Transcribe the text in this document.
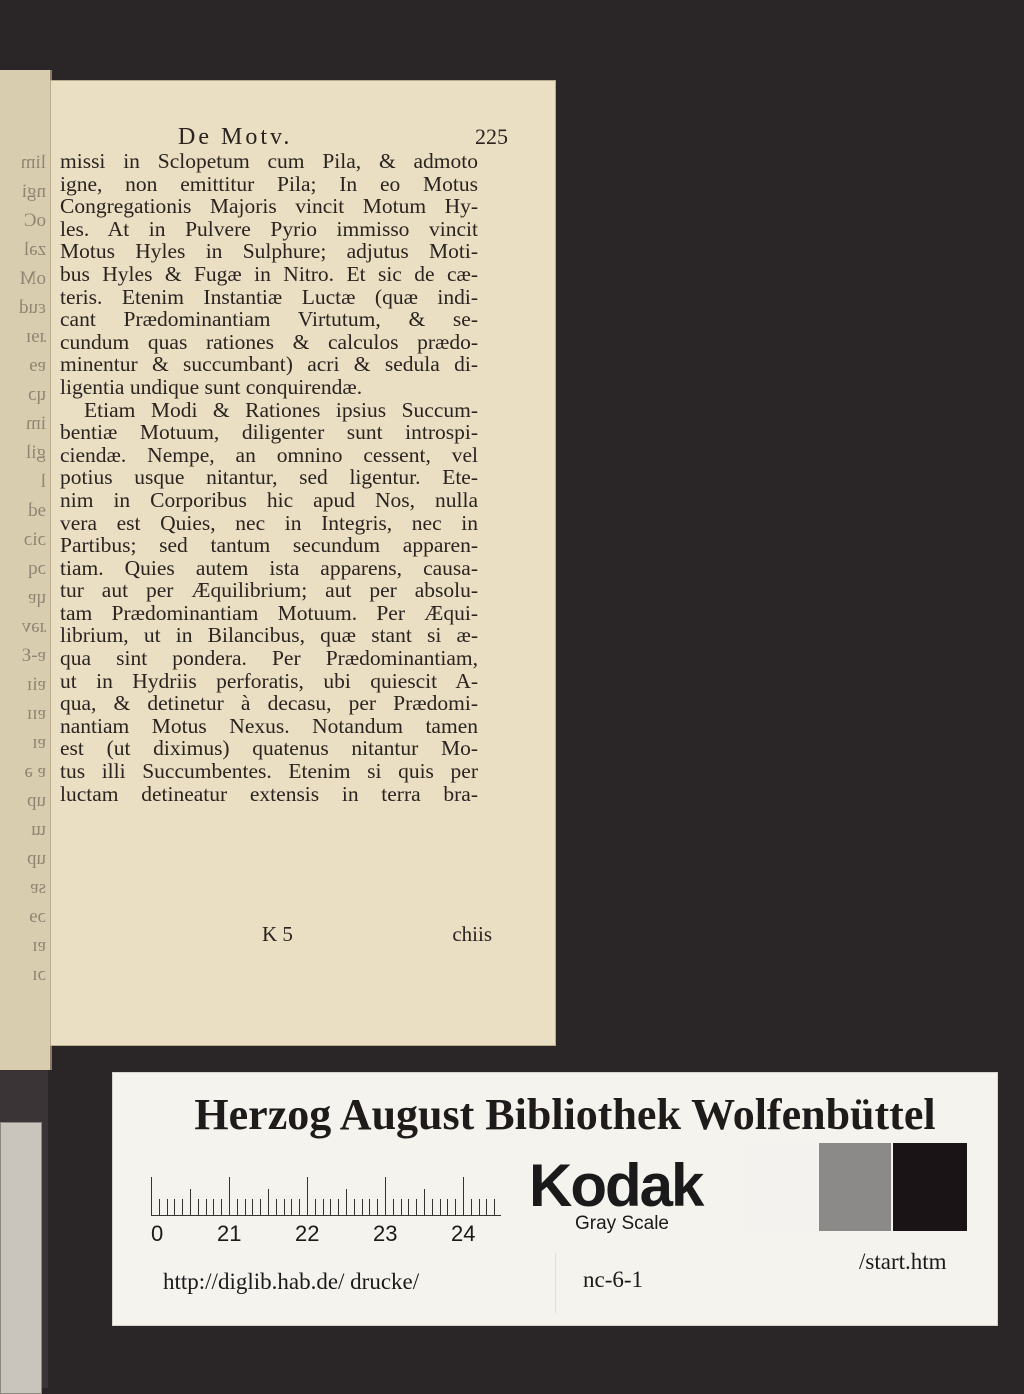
lim
ngi
oC
zəl
oM
ɛud
ɹɘɪ
ɐɘ
ɥɔ
im
gil
l
ɘd
ɔiɔ
ɔq
ɥɐ
ɹəv
ɐ-Ɛ
ɐiɪ
ɐɪɪ
ɐɪ
ɐ ǝ
up
ɯ
up
sɐ
ɔɘ
ɐɪ
ɔɪ
De Motv.	225
missi in Sclopetum cum Pila, & admoto
igne, non emittitur Pila; In eo Motus
Congregationis Majoris vincit Motum Hy-
les. At in Pulvere Pyrio immisso vincit
Motus Hyles in Sulphure; adjutus Moti-
bus Hyles & Fugæ in Nitro. Et sic de cæ-
teris. Etenim Instantiæ Luctæ (quæ indi-
cant Prædominantiam Virtutum, & se-
cundum quas rationes & calculos prædo-
minentur & succumbant) acri & sedula di-
ligentia undique sunt conquirendæ.
Etiam Modi & Rationes ipsius Succum-
bentiæ Motuum, diligenter sunt introspi-
ciendæ. Nempe, an omnino cessent, vel
potius usque nitantur, sed ligentur. Ete-
nim in Corporibus hic apud Nos, nulla
vera est Quies, nec in Integris, nec in
Partibus; sed tantum secundum apparen-
tiam. Quies autem ista apparens, causa-
tur aut per Æquilibrium; aut per absolu-
tam Prædominantiam Motuum. Per Æqui-
librium, ut in Bilancibus, quæ stant si æ-
qua sint pondera. Per Prædominantiam,
ut in Hydriis perforatis, ubi quiescit A-
qua, & detinetur à decasu, per Prædomi-
nantiam Motus Nexus. Notandum tamen
est (ut diximus) quatenus nitantur Mo-
tus illi Succumbentes. Etenim si quis per
luctam detineatur extensis in terra bra-
K 5	chiis
Herzog August Bibliothek Wolfenbüttel
0 21 22 23 24
Kodak
Gray Scale
http://diglib.hab.de/ drucke/	nc-6-1
/start.htm
